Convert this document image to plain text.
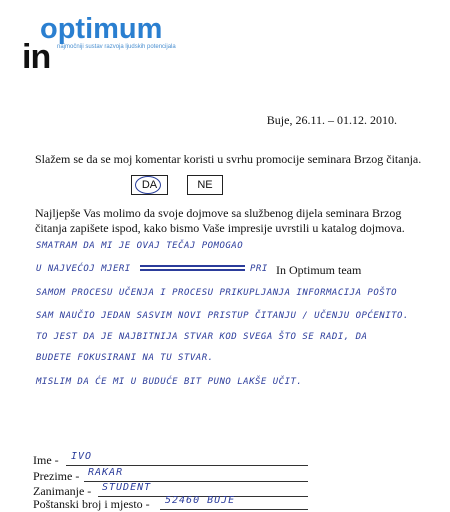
optimum
in najmočniji sustav razvoja ljudskih potencijala
Buje, 26.11. – 01.12. 2010.
Slažem se da se moj komentar koristi u svrhu promocije seminara Brzog čitanja.
DA	NE
Najljepše Vas molimo da svoje dojmove sa službenog dijela seminara Brzog čitanja zapišete ispod, kako bismo Vaše impresije uvrstili u katalog dojmova.
SMATRAM DA MI JE OVAJ TEČAJ POMOGAO
U NAJVEĆOJ MJERI	PRI In Optimum team
SAMOM PROCESU UČENJA I PROCESU PRIKUPLJANJA INFORMACIJA POŠTO
SAM NAUČIO JEDAN SASVIM NOVI PRISTUP ČITANJU / UČENJU OPĆENITO.
TO JEST DA JE NAJBITNIJA STVAR KOD SVEGA ŠTO SE RADI, DA
BUDETE FOKUSIRANI NA TU STVAR.
MISLIM DA ĆE MI U BUDUĆE BIT PUNO LAKŠE UČIT.
Ime - IVO
Prezime - RAKAR
Zanimanje - STUDENT
Poštanski broj i mjesto - 52460 BUJE
